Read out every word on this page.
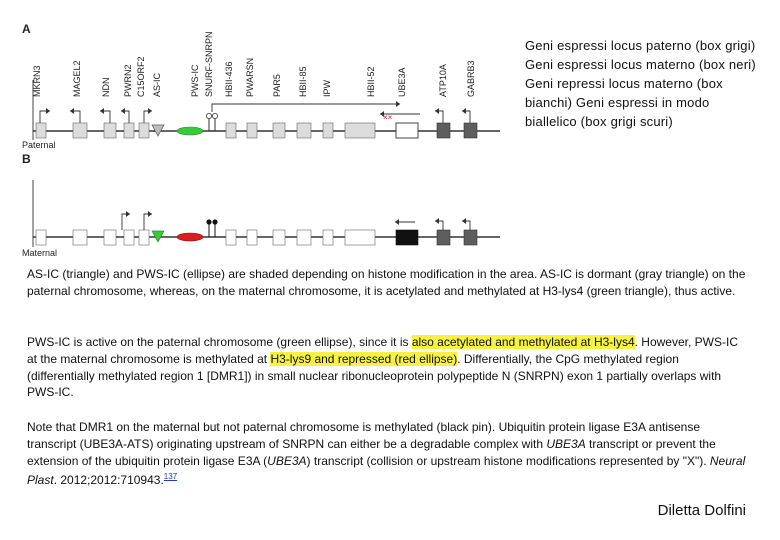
A
B
MKRN3	MAGEL2 NDN PWRN2 C15ORF2 AS-IC	PWS-IC SNURF-SNRPN HBII-436 PWARSN PAR5 HBII-85 IPW	HBII-52 UBE3A	ATP10A GABRB3
××
Paternal
Maternal
Geni espressi locus paterno (box grigi) Geni espressi locus materno (box neri) Geni repressi locus materno (box bianchi) Geni espressi in modo biallelico (box grigi scuri)
AS-IC (triangle) and PWS-IC (ellipse) are shaded depending on histone modification in the area. AS-IC is dormant (gray triangle) on the paternal chromosome, whereas, on the maternal chromosome, it is acetylated and methylated at H3-lys4 (green triangle), thus active.
PWS-IC is active on the paternal chromosome (green ellipse), since it is also acetylated and methylated at H3-lys4. However, PWS-IC at the maternal chromosome is methylated at H3-lys9 and repressed (red ellipse). Differentially, the CpG methylated region (differentially methylated region 1 [DMR1]) in small nuclear ribonucleoprotein polypeptide N (SNRPN) exon 1 partially overlaps with PWS-IC.
Note that DMR1 on the maternal but not paternal chromosome is methylated (black pin). Ubiquitin protein ligase E3A antisense transcript (UBE3A-ATS) originating upstream of SNRPN can either be a degradable complex with UBE3A transcript or prevent the extension of the ubiquitin protein ligase E3A (UBE3A) transcript (collision or upstream histone modifications represented by "X"). Neural Plast. 2012;2012:710943.$^{137}$
Diletta Dolfini
